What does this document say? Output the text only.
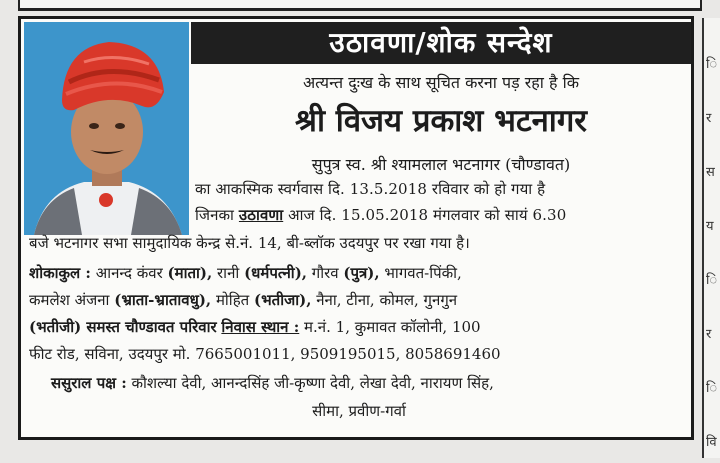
ि
र
स
य
ि
र
ि
वि
उठावणा/शोक सन्देश
अत्यन्त दुःख के साथ सूचित करना पड़ रहा है कि
श्री विजय प्रकाश भटनागर
सुपुत्र स्व. श्री श्यामलाल भटनागर (चौण्डावत)
का आकस्मिक स्वर्गवास दि. 13.5.2018 रविवार को हो गया है
जिनका उठावणा आज दि. 15.05.2018 मंगलवार को सायं 6.30
बजे भटनागर सभा सामुदायिक केन्द्र से.नं. 14, बी-ब्लॉक उदयपुर पर रखा गया है।
शोकाकुल : आनन्द कंवर (माता), रानी (धर्मपत्नी), गौरव (पुत्र), भागवत-पिंकी,
कमलेश अंजना (भ्राता-भ्रातावधु), मोहित (भतीजा), नैना, टीना, कोमल, गुनगुन
(भतीजी) समस्त चौण्डावत परिवार निवास स्थान : म.नं. 1, कुमावत कॉलोनी, 100
फीट रोड, सविना, उदयपुर मो. 7665001011, 9509195015, 8058691460
ससुराल पक्ष : कौशल्या देवी, आनन्दसिंह जी-कृष्णा देवी, लेखा देवी, नारायण सिंह,
सीमा, प्रवीण-गर्वा
